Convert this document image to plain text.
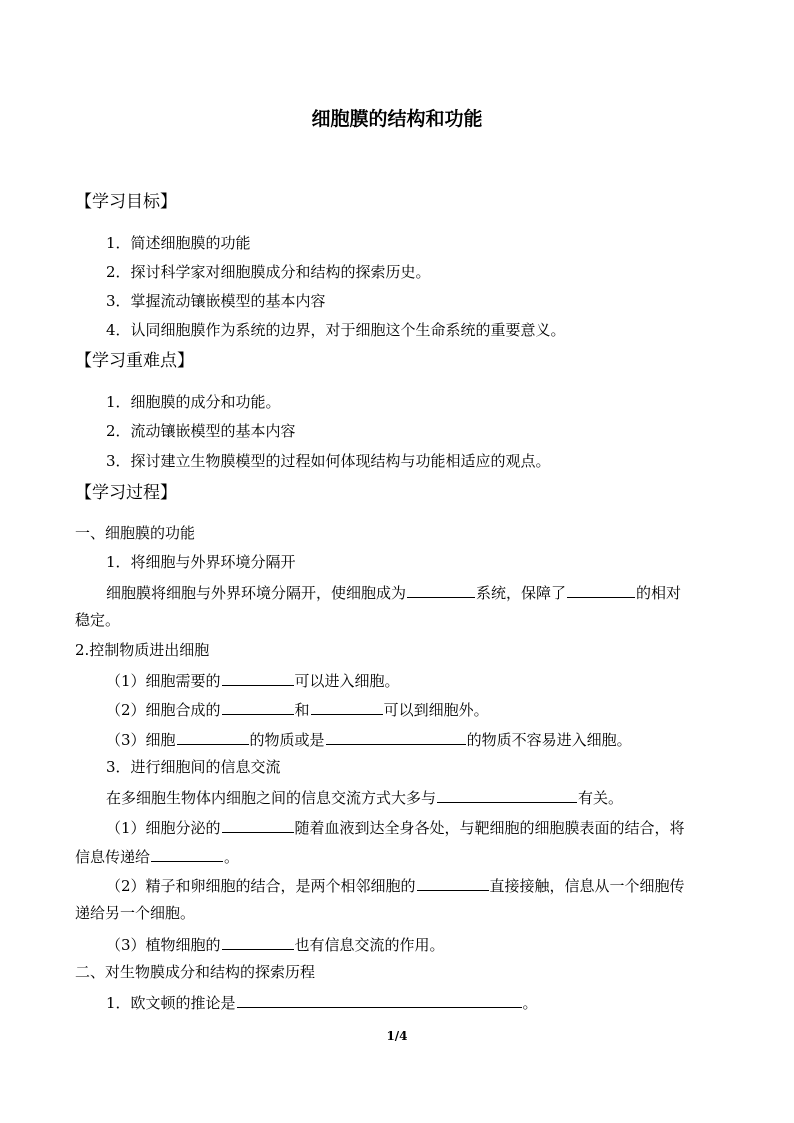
细胞膜的结构和功能
【学习目标】
1．简述细胞膜的功能
2．探讨科学家对细胞膜成分和结构的探索历史。
3．掌握流动镶嵌模型的基本内容
4．认同细胞膜作为系统的边界，对于细胞这个生命系统的重要意义。
【学习重难点】
1．细胞膜的成分和功能。
2．流动镶嵌模型的基本内容
3．探讨建立生物膜模型的过程如何体现结构与功能相适应的观点。
【学习过程】
一、细胞膜的功能
1．将细胞与外界环境分隔开
细胞膜将细胞与外界环境分隔开，使细胞成为	系统，保障了	的相对
稳定。
2.控制物质进出细胞
（1）细胞需要的	可以进入细胞。
（2）细胞合成的	和	可以到细胞外。
（3）细胞	的物质或是	的物质不容易进入细胞。
3．进行细胞间的信息交流
在多细胞生物体内细胞之间的信息交流方式大多与	有关。
（1）细胞分泌的	随着血液到达全身各处，与靶细胞的细胞膜表面的结合，将
信息传递给	。
（2）精子和卵细胞的结合，是两个相邻细胞的	直接接触，信息从一个细胞传
递给另一个细胞。
（3）植物细胞的	也有信息交流的作用。
二、对生物膜成分和结构的探索历程
1．欧文顿的推论是	。
1/4
